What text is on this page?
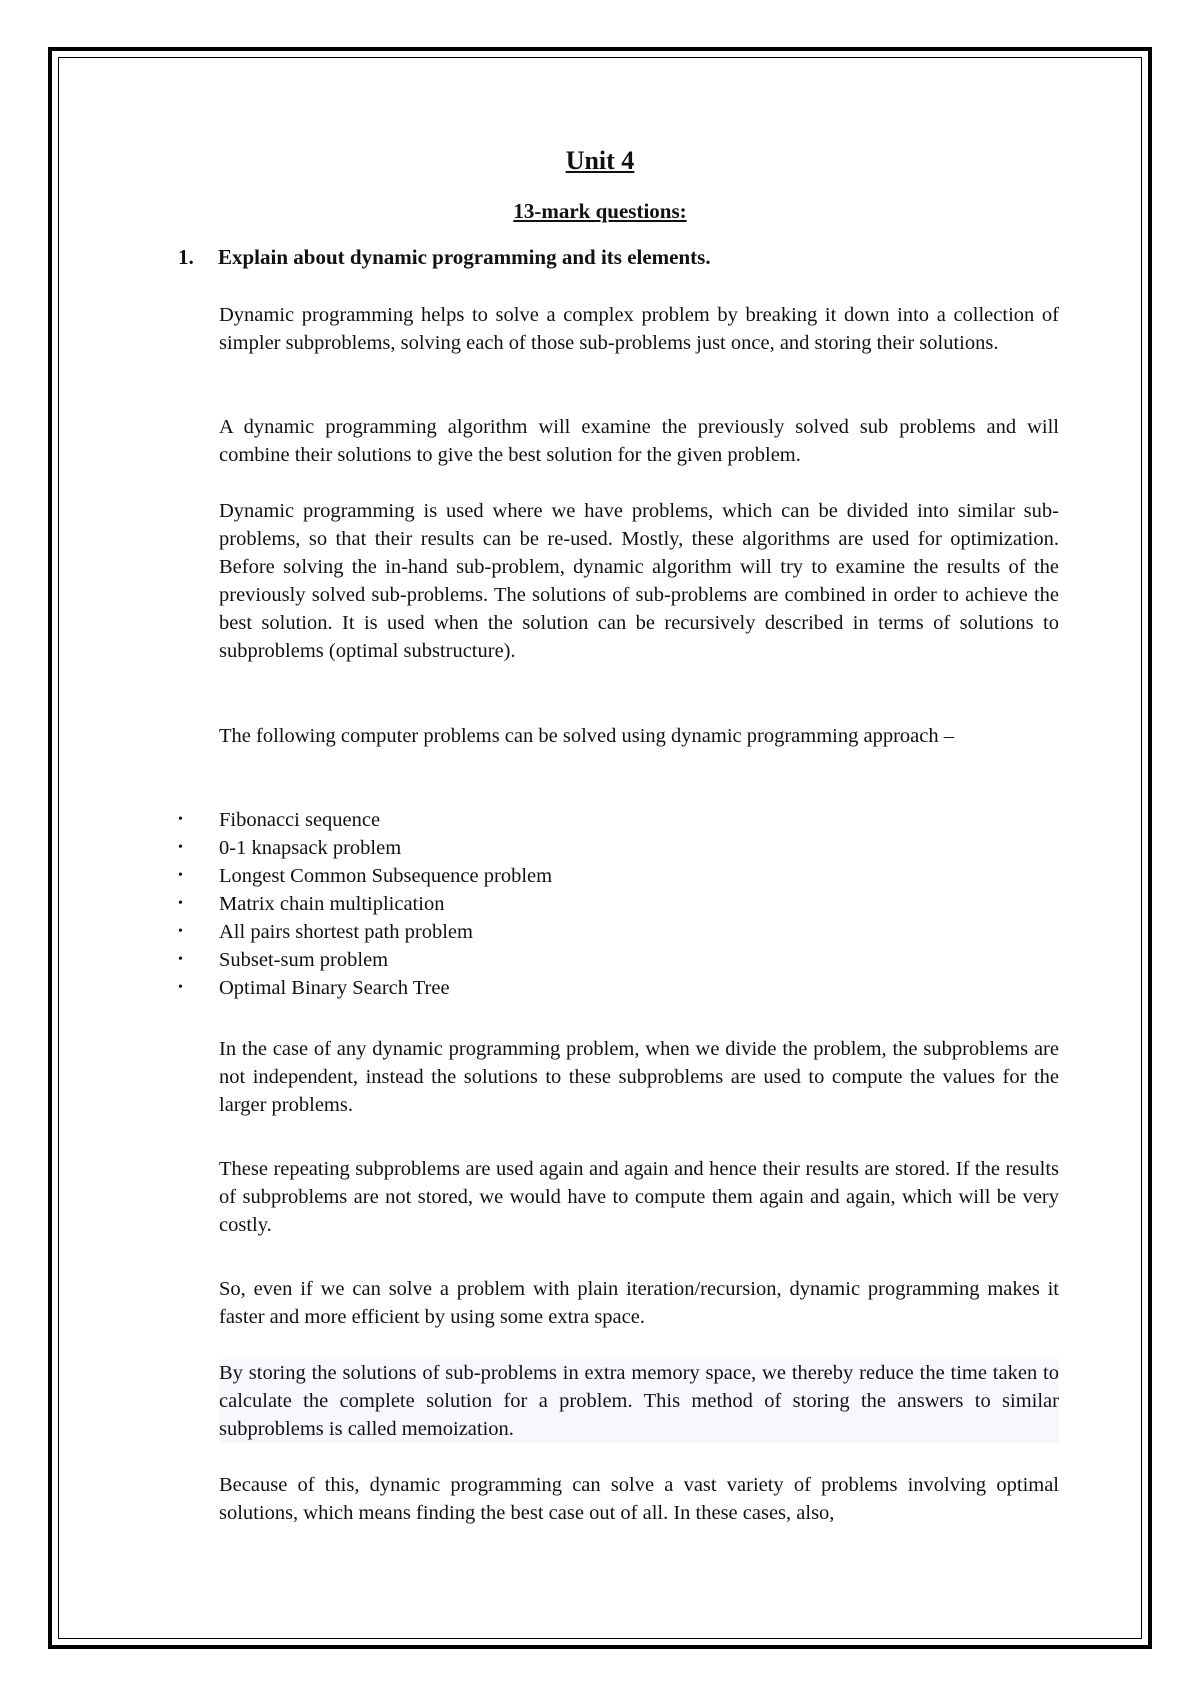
Unit 4
13-mark questions:
1.	Explain about dynamic programming and its elements.

Dynamic programming helps to solve a complex problem by breaking it down into a collection of simpler subproblems, solving each of those sub-problems just once, and storing their solutions.

A dynamic programming algorithm will examine the previously solved sub problems and will combine their solutions to give the best solution for the given problem.

Dynamic programming is used where we have problems, which can be divided into similar sub-problems, so that their results can be re-used. Mostly, these algorithms are used for optimization. Before solving the in-hand sub-problem, dynamic algorithm will try to examine the results of the previously solved sub-problems. The solutions of sub-problems are combined in order to achieve the best solution. It is used when the solution can be recursively described in terms of solutions to subproblems (optimal substructure).

The following computer problems can be solved using dynamic programming approach –

•	Fibonacci sequence
•	0-1 knapsack problem
•	Longest Common Subsequence problem
•	Matrix chain multiplication
•	All pairs shortest path problem
•	Subset-sum problem
•	Optimal Binary Search Tree

In the case of any dynamic programming problem, when we divide the problem, the subproblems are not independent, instead the solutions to these subproblems are used to compute the values for the larger problems.

These repeating subproblems are used again and again and hence their results are stored. If the results of subproblems are not stored, we would have to compute them again and again, which will be very costly.

So, even if we can solve a problem with plain iteration/recursion, dynamic programming makes it faster and more efficient by using some extra space.

By storing the solutions of sub-problems in extra memory space, we thereby reduce the time taken to calculate the complete solution for a problem. This method of storing the answers to similar subproblems is called memoization.

Because of this, dynamic programming can solve a vast variety of problems involving optimal solutions, which means finding the best case out of all. In these cases, also,
